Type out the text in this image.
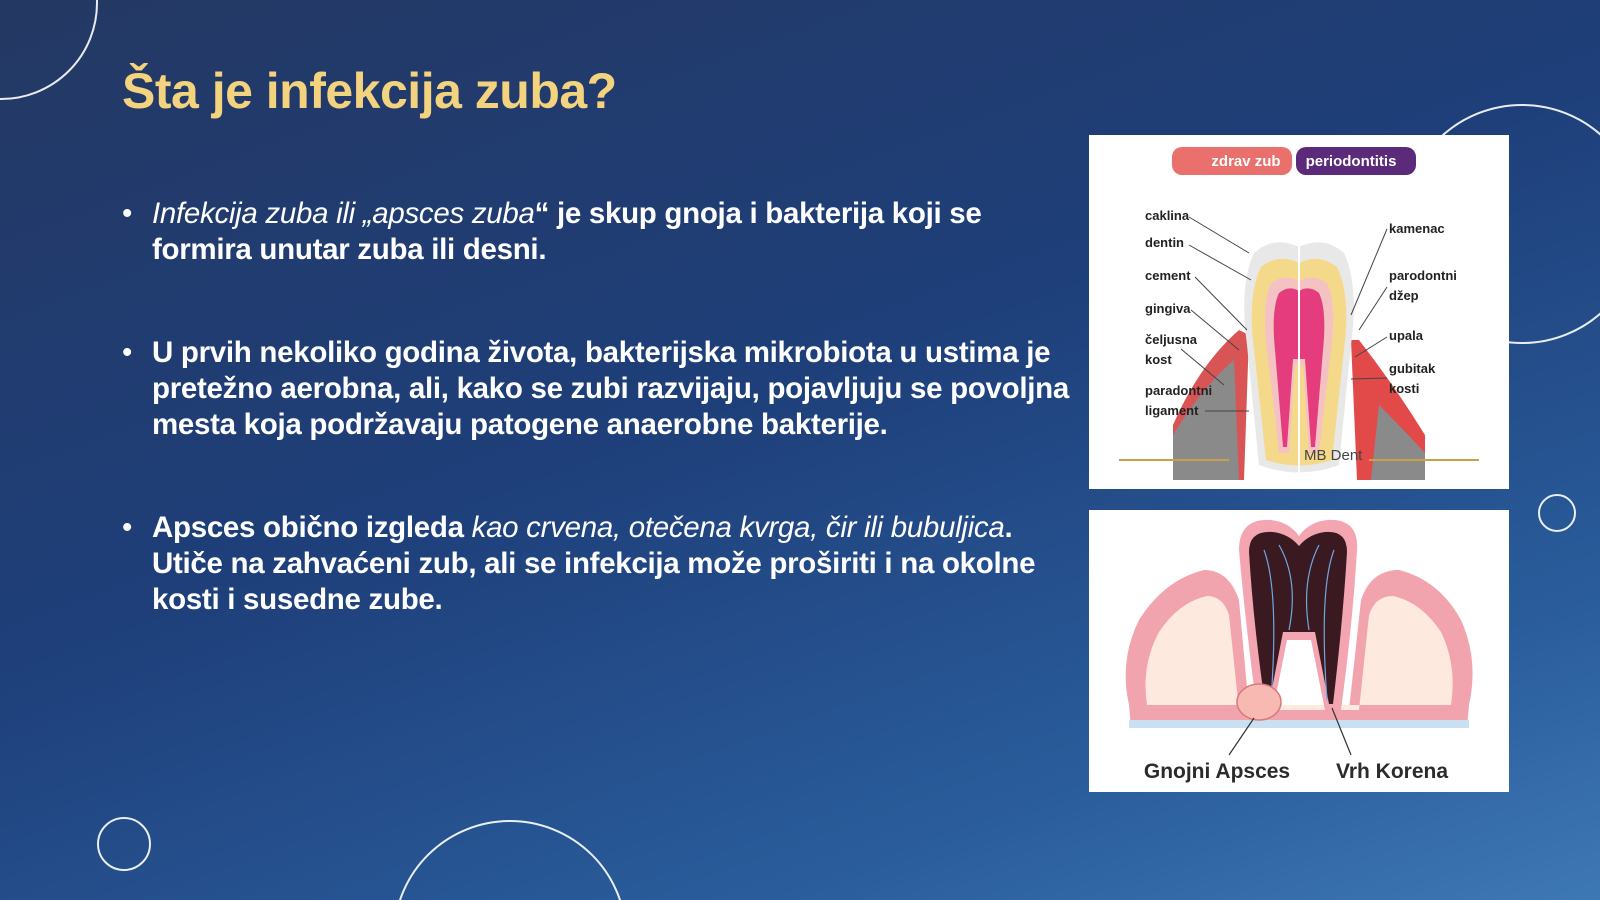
Šta je infekcija zuba?
• Infekcija zuba ili „apsces zuba“ je skup gnoja i bakterija koji se formira unutar zuba ili desni.
• U prvih nekoliko godina života, bakterijska mikrobiota u ustima je pretežno aerobna, ali, kako se zubi razvijaju, pojavljuju se povoljna mesta koja podržavaju patogene anaerobne bakterije.
• Apsces obično izgleda kao crvena, otečena kvrga, čir ili bubuljica. Utiče na zahvaćeni zub, ali se infekcija može proširiti i na okolne kosti i susedne zube.
zdrav zub periodontitis
caklina
dentin
cement
gingiva
čeljusna
kost
paradontni
ligament
kamenac
parodontni
džep
upala
gubitak
kosti
MB Dent
Gnojni Apsces Vrh Korena
